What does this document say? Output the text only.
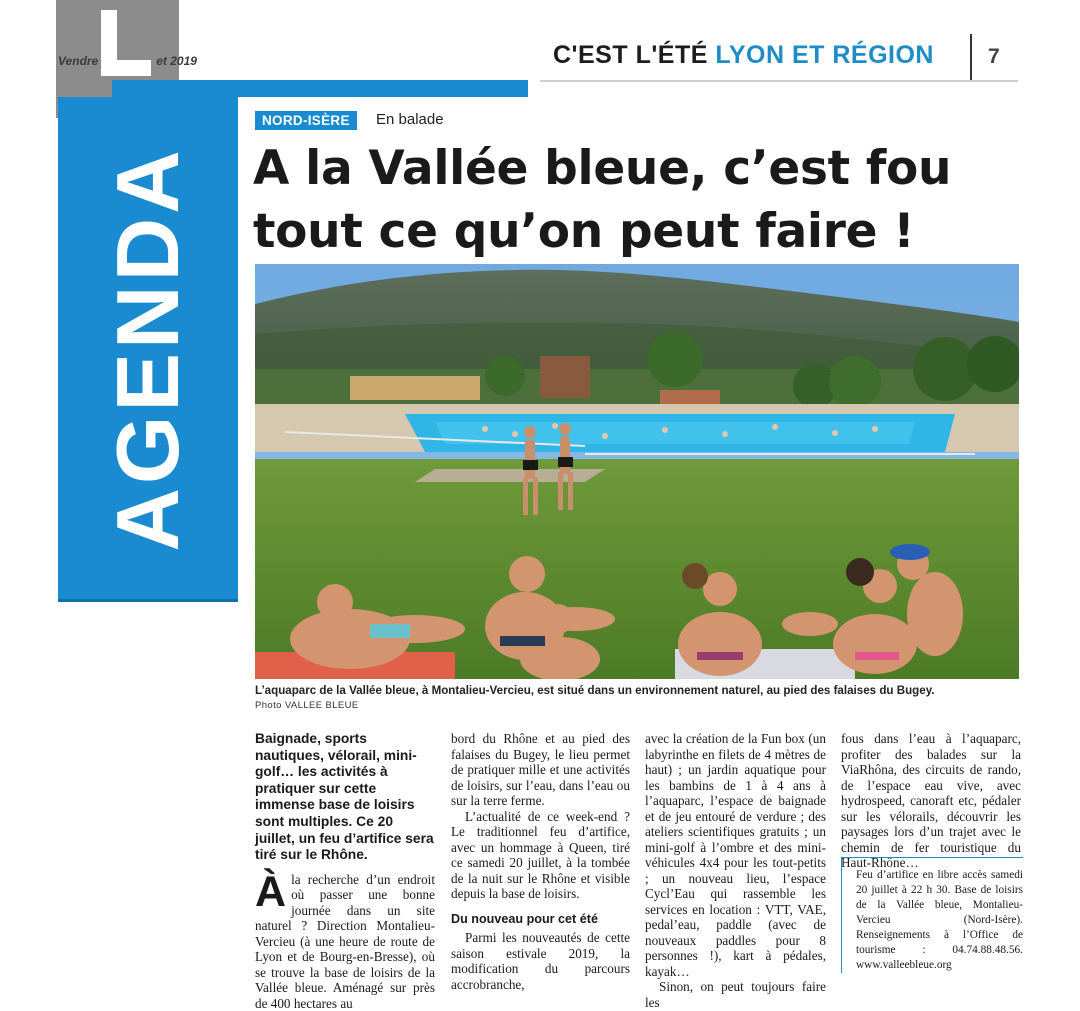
Vendre	et 2019	C'EST L'ÉTÉ LYON ET RÉGION	7
AGENDA
NORD-ISÈRE	En balade
A la Vallée bleue, c’est fou tout ce qu’on peut faire !
L’aquaparc de la Vallée bleue, à Montalieu-Vercieu, est situé dans un environnement naturel, au pied des falaises du Bugey.
Photo VALLEE BLEUE

Baignade, sports nautiques, vélorail, mini-golf… les activités à pratiquer sur cette immense base de loisirs sont multiples. Ce 20 juillet, un feu d’artifice sera tiré sur le Rhône.

Àla recherche d’un endroit où passer une bonne journée dans un site naturel ? Direction Montalieu-Vercieu (à une heure de route de Lyon et de Bourg-en-Bresse), où se trouve la base de loisirs de la Vallée bleue. Aménagé sur près de 400 hectares au

bord du Rhône et au pied des falaises du Bugey, le lieu permet de pratiquer mille et une activités de loisirs, sur l’eau, dans l’eau ou sur la terre ferme.

L’actualité de ce week-end ? Le traditionnel feu d’artifice, avec un hommage à Queen, tiré ce samedi 20 juillet, à la tombée de la nuit sur le Rhône et visible depuis la base de loisirs.

Du nouveau pour cet été

Parmi les nouveautés de cette saison estivale 2019, la modification du parcours accrobranche,

avec la création de la Fun box (un labyrinthe en filets de 4 mètres de haut) ; un jardin aquatique pour les bambins de 1 à 4 ans à l’aquaparc, l’espace de baignade et de jeu entouré de verdure ; des ateliers scientifiques gratuits ; un mini-golf à l’ombre et des mini-véhicules 4x4 pour les tout-petits ; un nouveau lieu, l’espace Cycl’Eau qui rassemble les services en location : VTT, VAE, pedal’eau, paddle (avec de nouveaux paddles pour 8 personnes !), kart à pédales, kayak…

Sinon, on peut toujours faire les

fous dans l’eau à l’aquaparc, profiter des balades sur la ViaRhôna, des circuits de rando, de l’espace eau vive, avec hydrospeed, canoraft etc, pédaler sur les vélorails, découvrir les paysages lors d’un trajet avec le chemin de fer touristique du Haut-Rhône…

Feu d’artifice en libre accès samedi 20 juillet à 22 h 30. Base de loisirs de la Vallée bleue, Montalieu-Vercieu (Nord-Isère). Renseignements à l’Office de tourisme : 04.74.88.48.56. www.valleebleue.org
